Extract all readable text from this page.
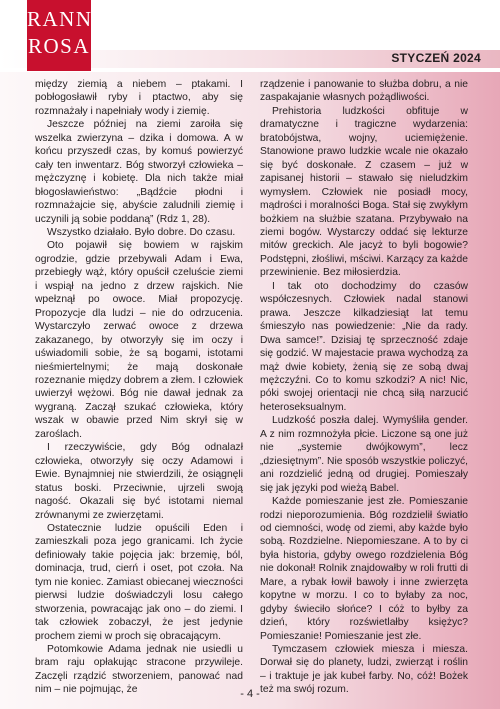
RANNA
ROSA	STYCZEŃ 2024

między ziemią a niebem – ptakami. I pobłogosławił ryby i ptactwo, aby się rozmnażały i napełniały wody i ziemię.

Jeszcze później na ziemi zaroiła się wszelka zwierzyna – dzika i domowa. A w końcu przyszedł czas, by komuś powierzyć cały ten inwentarz. Bóg stworzył człowieka – mężczyznę i kobietę. Dla nich także miał błogosławieństwo: „Bądźcie płodni i rozmnażajcie się, abyście zaludnili ziemię i uczynili ją sobie poddaną” (Rdz 1, 28).

Wszystko działało. Było dobre. Do czasu.

Oto pojawił się bowiem w rajskim ogrodzie, gdzie przebywali Adam i Ewa, przebiegły wąż, który opuścił czeluście ziemi i wspiął na jedno z drzew rajskich. Nie wpełznął po owoce. Miał propozycję. Propozycje dla ludzi – nie do odrzucenia. Wystarczyło zerwać owoce z drzewa zakazanego, by otworzyły się im oczy i uświadomili sobie, że są bogami, istotami nieśmiertelnymi; że mają doskonałe rozeznanie między dobrem a złem. I człowiek uwierzył wężowi. Bóg nie dawał jednak za wygraną. Zaczął szukać człowieka, który wszak w obawie przed Nim skrył się w zaroślach.

I rzeczywiście, gdy Bóg odnalazł człowieka, otworzyły się oczy Adamowi i Ewie. Bynajmniej nie stwierdzili, że osiągnęli status boski. Przeciwnie, ujrzeli swoją nagość. Okazali się być istotami niemal zrównanymi ze zwierzętami.

Ostatecznie ludzie opuścili Eden i zamieszkali poza jego granicami. Ich życie definiowały takie pojęcia jak: brzemię, ból, dominacja, trud, cierń i oset, pot czoła. Na tym nie koniec. Zamiast obiecanej wieczności pierwsi ludzie doświadczyli losu całego stworzenia, powracając jak ono – do ziemi. I tak człowiek zobaczył, że jest jedynie prochem ziemi w proch się obracającym.

Potomkowie Adama jednak nie usiedli u bram raju opłakując stracone przywileje. Zaczęli rządzić stworzeniem, panować nad nim – nie pojmując, że

rządzenie i panowanie to służba dobru, a nie zaspakajanie własnych pożądliwości.

Prehistoria ludzkości obfituje w dramatyczne i tragiczne wydarzenia: bratobójstwa, wojny, uciemiężenie. Stanowione prawo ludzkie wcale nie okazało się być doskonałe. Z czasem – już w zapisanej historii – stawało się nieludzkim wymysłem. Człowiek nie posiadł mocy, mądrości i moralności Boga. Stał się zwykłym bożkiem na służbie szatana. Przybywało na ziemi bogów. Wystarczy oddać się lekturze mitów greckich. Ale jacyż to byli bogowie? Podstępni, złośliwi, mściwi. Karzący za każde przewinienie. Bez miłosierdzia.

I tak oto dochodzimy do czasów współczesnych. Człowiek nadal stanowi prawa. Jeszcze kilkadziesiąt lat temu śmieszyło nas powiedzenie: „Nie da rady. Dwa samce!”. Dzisiaj tę sprzeczność zdaje się godzić. W majestacie prawa wychodzą za mąż dwie kobiety, żenią się ze sobą dwaj mężczyźni. Co to komu szkodzi? A nic! Nic, póki swojej orientacji nie chcą siłą narzucić heteroseksualnym.

Ludzkość poszła dalej. Wymyśliła gender. A z nim rozmnożyła płcie. Liczone są one już nie „systemie dwójkowym”, lecz „dziesiętnym”. Nie sposób wszystkie policzyć, ani rozdzielić jedną od drugiej. Pomieszały się jak języki pod wieżą Babel.

Każde pomieszanie jest złe. Pomieszanie rodzi nieporozumienia. Bóg rozdzielił światło od ciemności, wodę od ziemi, aby każde było sobą. Rozdzielne. Niepomieszane. A to by ci była historia, gdyby owego rozdzielenia Bóg nie dokonał! Rolnik znajdowałby w roli frutti di Mare, a rybak łowił bawoły i inne zwierzęta kopytne w morzu. I co to byłaby za noc, gdyby świeciło słońce? I cóż to byłby za dzień, który rozświetlałby księżyc? Pomieszanie! Pomieszanie jest złe.

Tymczasem człowiek miesza i miesza. Dorwał się do planety, ludzi, zwierząt i roślin – i traktuje je jak kubeł farby. No, cóż! Bożek też ma swój rozum.

- 4 -
